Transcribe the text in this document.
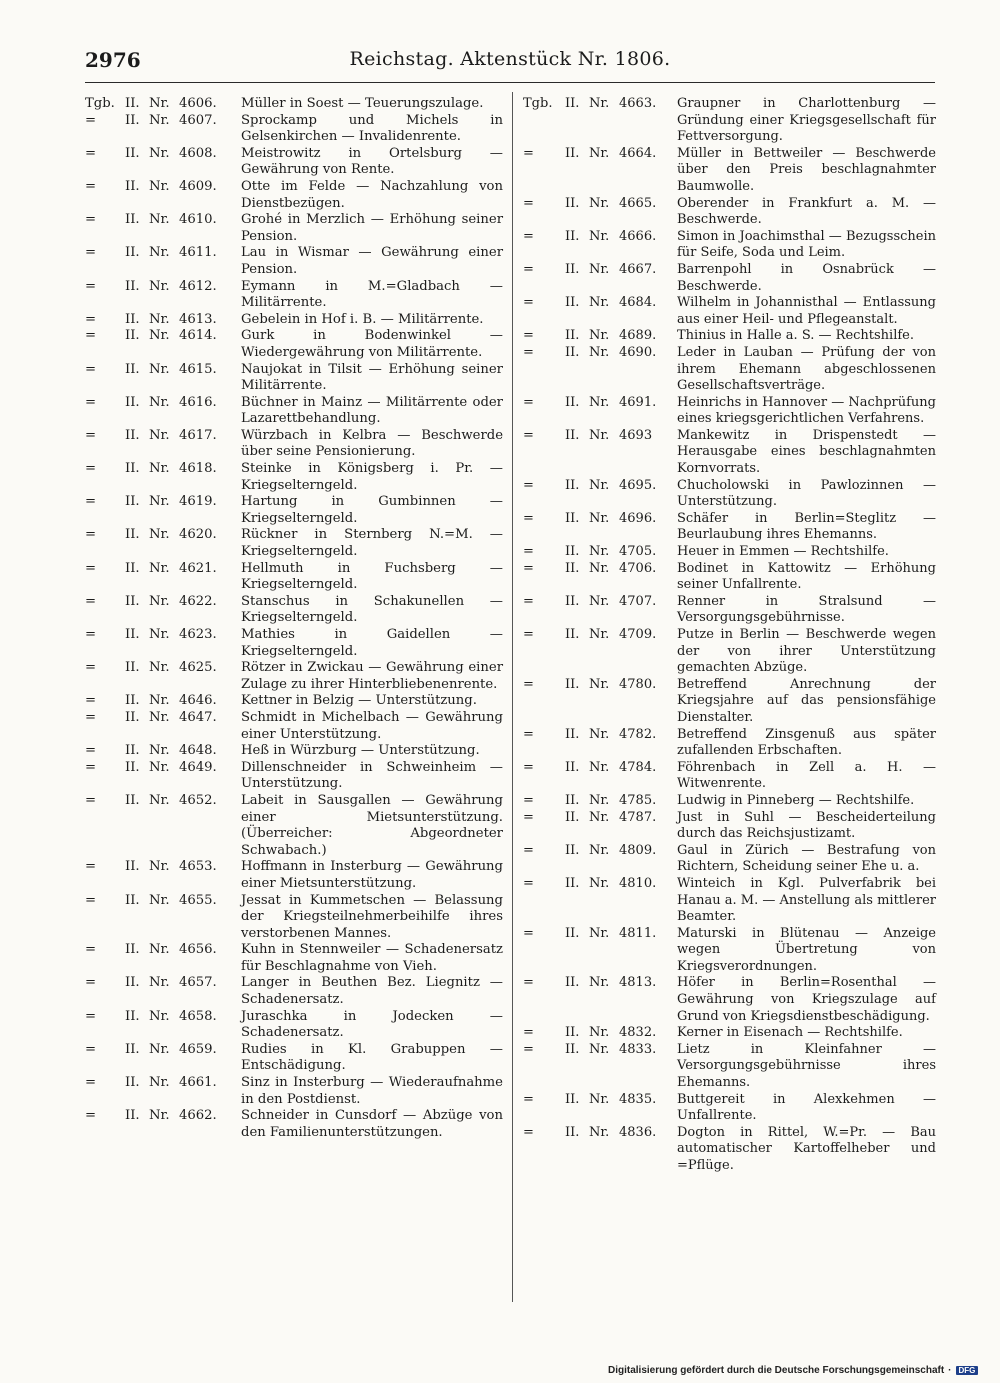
2976	Reichstag. Aktenstück Nr. 1806.
Tgb. II. Nr. 4606.	Müller in Soest — Teuerungszulage.
=	II. Nr. 4607.	Sprockamp und Michels in Gelsenkirchen — Invalidenrente.
=	II. Nr. 4608.	Meistrowitz in Ortelsburg — Gewährung von Rente.
=	II. Nr. 4609.	Otte im Felde — Nachzahlung von Dienstbezügen.
=	II. Nr. 4610.	Grohé in Merzlich — Erhöhung seiner Pension.
=	II. Nr. 4611.	Lau in Wismar — Gewährung einer Pension.
=	II. Nr. 4612.	Eymann in M.=Gladbach — Militärrente.
=	II. Nr. 4613.	Gebelein in Hof i. B. — Militärrente.
=	II. Nr. 4614.	Gurk in Bodenwinkel — Wiedergewährung von Militärrente.
=	II. Nr. 4615.	Naujokat in Tilsit — Erhöhung seiner Militärrente.
=	II. Nr. 4616.	Büchner in Mainz — Militärrente oder Lazarettbehandlung.
=	II. Nr. 4617.	Würzbach in Kelbra — Beschwerde über seine Pensionierung.
=	II. Nr. 4618.	Steinke in Königsberg i. Pr. — Kriegselterngeld.
=	II. Nr. 4619.	Hartung in Gumbinnen — Kriegselterngeld.
=	II. Nr. 4620.	Rückner in Sternberg N.=M. — Kriegselterngeld.
=	II. Nr. 4621.	Hellmuth in Fuchsberg — Kriegselterngeld.
=	II. Nr. 4622.	Stanschus in Schakunellen — Kriegselterngeld.
=	II. Nr. 4623.	Mathies in Gaidellen — Kriegselterngeld.
=	II. Nr. 4625.	Rötzer in Zwickau — Gewährung einer Zulage zu ihrer Hinterbliebenenrente.
=	II. Nr. 4646.	Kettner in Belzig — Unterstützung.
=	II. Nr. 4647.	Schmidt in Michelbach — Gewährung einer Unterstützung.
=	II. Nr. 4648.	Heß in Würzburg — Unterstützung.
=	II. Nr. 4649.	Dillenschneider in Schweinheim — Unterstützung.
=	II. Nr. 4652.	Labeit in Sausgallen — Gewährung einer Mietsunterstützung. (Überreicher: Abgeordneter Schwabach.)
=	II. Nr. 4653.	Hoffmann in Insterburg — Gewährung einer Mietsunterstützung.
=	II. Nr. 4655.	Jessat in Kummetschen — Belassung der Kriegsteilnehmerbeihilfe ihres verstorbenen Mannes.
=	II. Nr. 4656.	Kuhn in Stennweiler — Schadenersatz für Beschlagnahme von Vieh.
=	II. Nr. 4657.	Langer in Beuthen Bez. Liegnitz — Schadenersatz.
=	II. Nr. 4658.	Juraschka in Jodecken — Schadenersatz.
=	II. Nr. 4659.	Rudies in Kl. Grabuppen — Entschädigung.
=	II. Nr. 4661.	Sinz in Insterburg — Wiederaufnahme in den Postdienst.
=	II. Nr. 4662.	Schneider in Cunsdorf — Abzüge von den Familienunterstützungen.
Tgb. II. Nr. 4663.	Graupner in Charlottenburg — Gründung einer Kriegsgesellschaft für Fettversorgung.
=	II. Nr. 4664.	Müller in Bettweiler — Beschwerde über den Preis beschlagnahmter Baumwolle.
=	II. Nr. 4665.	Oberender in Frankfurt a. M. — Beschwerde.
=	II. Nr. 4666.	Simon in Joachimsthal — Bezugsschein für Seife, Soda und Leim.
=	II. Nr. 4667.	Barrenpohl in Osnabrück — Beschwerde.
=	II. Nr. 4684.	Wilhelm in Johannisthal — Entlassung aus einer Heil- und Pflegeanstalt.
=	II. Nr. 4689.	Thinius in Halle a. S. — Rechtshilfe.
=	II. Nr. 4690.	Leder in Lauban — Prüfung der von ihrem Ehemann abgeschlossenen Gesellschaftsverträge.
=	II. Nr. 4691.	Heinrichs in Hannover — Nachprüfung eines kriegsgerichtlichen Verfahrens.
=	II. Nr. 4693	Mankewitz in Drispenstedt — Herausgabe eines beschlagnahmten Kornvorrats.
=	II. Nr. 4695.	Chucholowski in Pawlozinnen — Unterstützung.
=	II. Nr. 4696.	Schäfer in Berlin=Steglitz — Beurlaubung ihres Ehemanns.
=	II. Nr. 4705.	Heuer in Emmen — Rechtshilfe.
=	II. Nr. 4706.	Bodinet in Kattowitz — Erhöhung seiner Unfallrente.
=	II. Nr. 4707.	Renner in Stralsund — Versorgungsgebührnisse.
=	II. Nr. 4709.	Putze in Berlin — Beschwerde wegen der von ihrer Unterstützung gemachten Abzüge.
=	II. Nr. 4780.	Betreffend Anrechnung der Kriegsjahre auf das pensionsfähige Dienstalter.
=	II. Nr. 4782.	Betreffend Zinsgenuß aus später zufallenden Erbschaften.
=	II. Nr. 4784.	Föhrenbach in Zell a. H. — Witwenrente.
=	II. Nr. 4785.	Ludwig in Pinneberg — Rechtshilfe.
=	II. Nr. 4787.	Just in Suhl — Bescheiderteilung durch das Reichsjustizamt.
=	II. Nr. 4809.	Gaul in Zürich — Bestrafung von Richtern, Scheidung seiner Ehe u. a.
=	II. Nr. 4810.	Winteich in Kgl. Pulverfabrik bei Hanau a. M. — Anstellung als mittlerer Beamter.
=	II. Nr. 4811.	Maturski in Blütenau — Anzeige wegen Übertretung von Kriegsverordnungen.
=	II. Nr. 4813.	Höfer in Berlin=Rosenthal — Gewährung von Kriegszulage auf Grund von Kriegsdienstbeschädigung.
=	II. Nr. 4832.	Kerner in Eisenach — Rechtshilfe.
=	II. Nr. 4833.	Lietz in Kleinfahner — Versorgungsgebührnisse ihres Ehemanns.
=	II. Nr. 4835.	Buttgereit in Alexkehmen — Unfallrente.
=	II. Nr. 4836.	Dogton in Rittel, W.=Pr. — Bau automatischer Kartoffelheber und =Pflüge.
Digitalisierung gefördert durch die Deutsche Forschungsgemeinschaft · DFG
